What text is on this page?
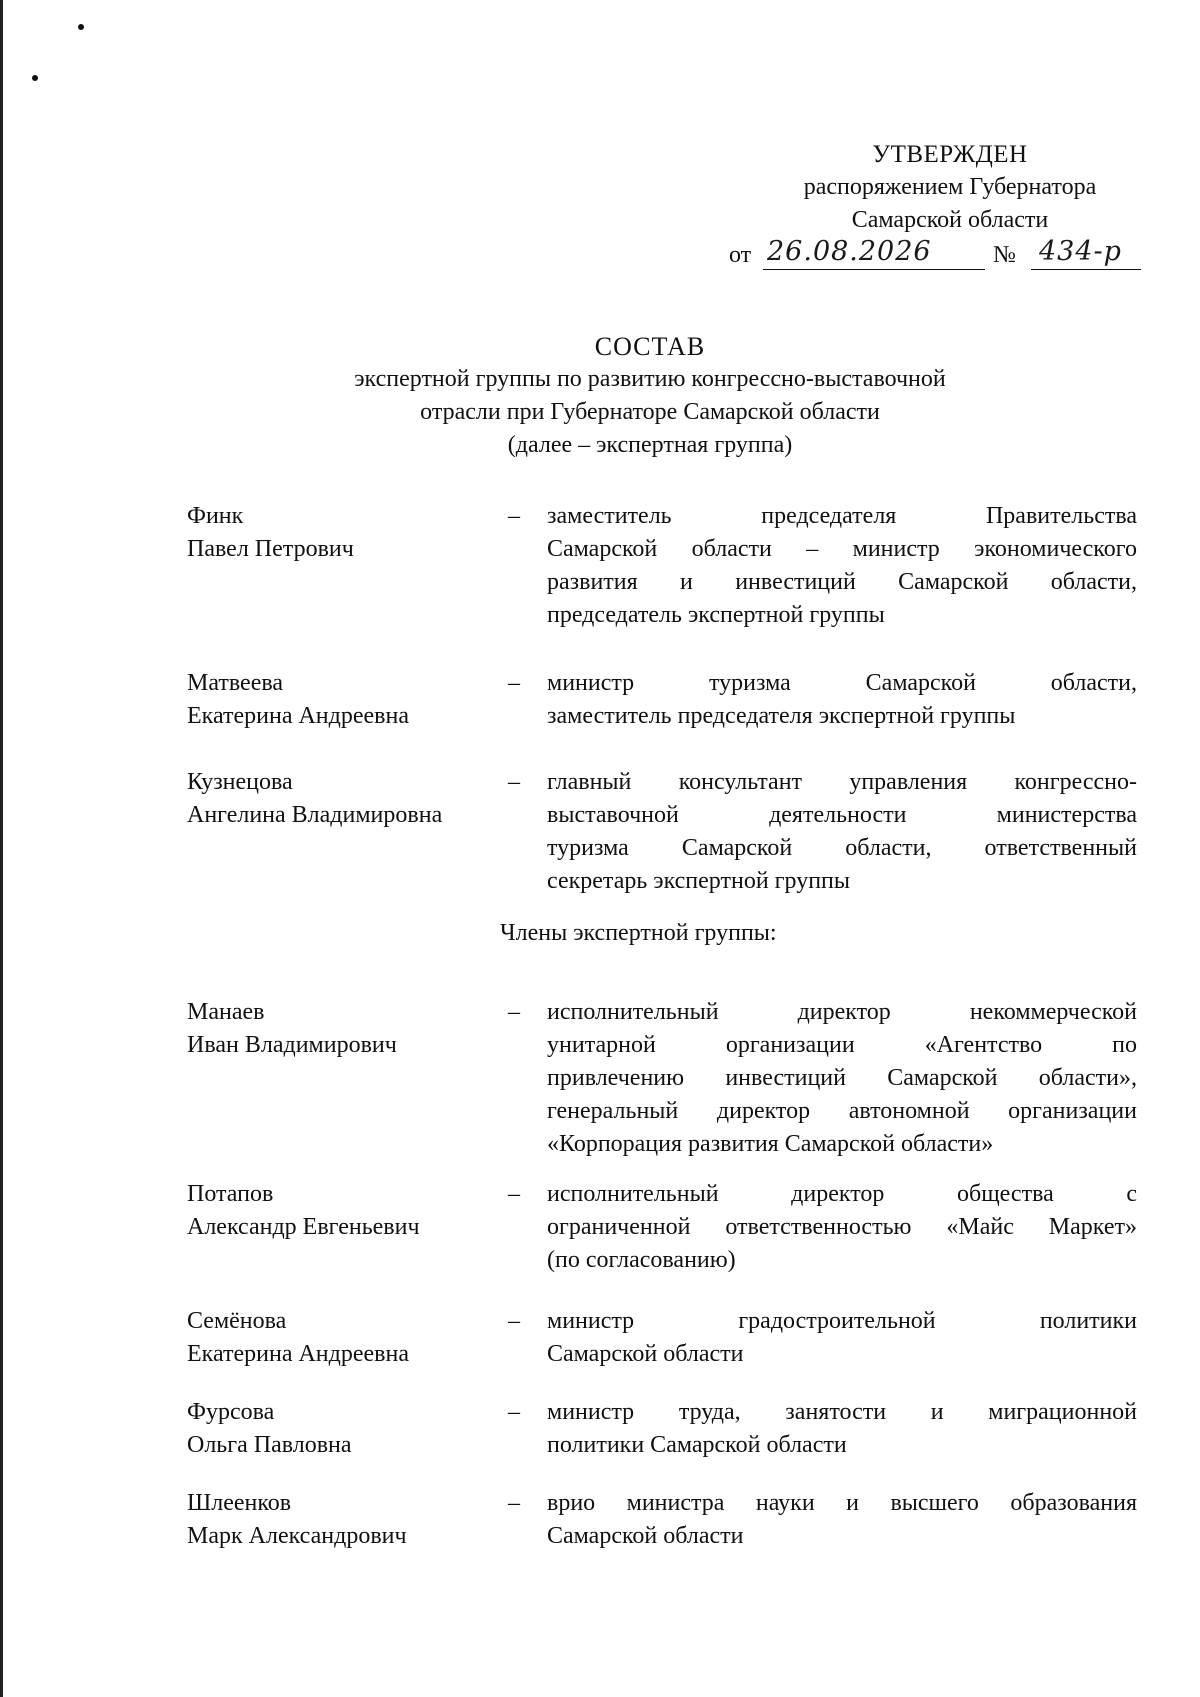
УТВЕРЖДЕН
распоряжением Губернатора
Самарской области
от 26.08.2026	№ 434-р
СОСТАВ
экспертной группы по развитию конгрессно-выставочной
отрасли при Губернаторе Самарской области
(далее – экспертная группа)
Члены экспертной группы:
Финк
Павел Петрович
– заместитель председателя Правительства
Самарской области – министр экономического
развития и инвестиций Самарской области,
председатель экспертной группы
Матвеева
Екатерина Андреевна
– министр туризма Самарской области,
заместитель председателя экспертной группы
Кузнецова
Ангелина Владимировна
– главный консультант управления конгрессно-
выставочной деятельности министерства
туризма Самарской области, ответственный
секретарь экспертной группы
Манаев
Иван Владимирович
– исполнительный директор некоммерческой
унитарной организации «Агентство по
привлечению инвестиций Самарской области»,
генеральный директор автономной организации
«Корпорация развития Самарской области»
Потапов
Александр Евгеньевич
– исполнительный директор общества с
ограниченной ответственностью «Майс Маркет»
(по согласованию)
Семёнова
Екатерина Андреевна
– министр градостроительной политики
Самарской области
Фурсова
Ольга Павловна
– министр труда, занятости и миграционной
политики Самарской области
Шлеенков
Марк Александрович
– врио министра науки и высшего образования
Самарской области
